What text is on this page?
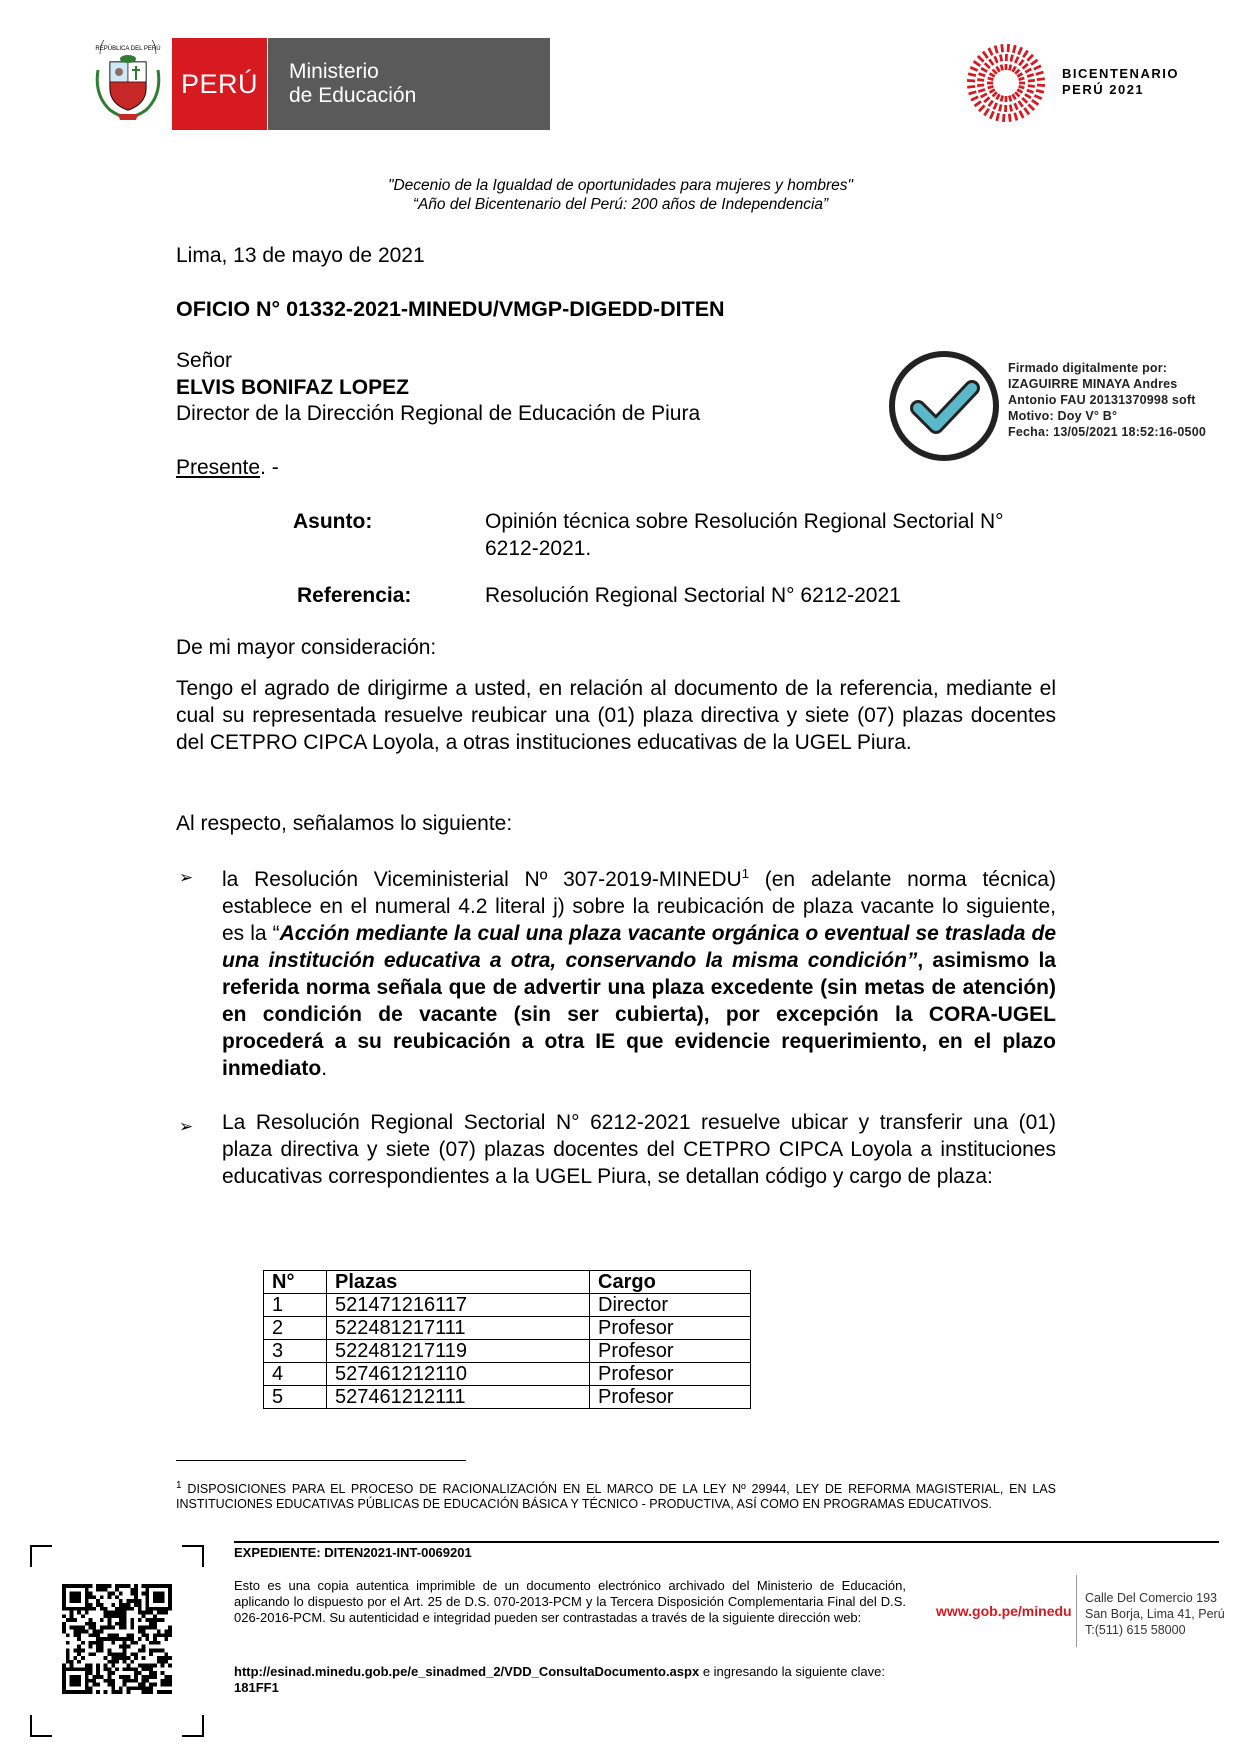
REPÚBLICA DEL PERÚ
PERÚ Ministerio
de Educación
BICENTENARIO
PERÚ 2021
"Decenio de la Igualdad de oportunidades para mujeres y hombres"
“Año del Bicentenario del Perú: 200 años de Independencia”
Lima, 13 de mayo de 2021
OFICIO N° 01332-2021-MINEDU/VMGP-DIGEDD-DITEN
Señor
ELVIS BONIFAZ LOPEZ
Director de la Dirección Regional de Educación de Piura
Presente. -
Asunto:	Opinión técnica sobre Resolución Regional Sectorial N° 6212-2021.
Referencia:	Resolución Regional Sectorial N° 6212-2021
De mi mayor consideración:
Tengo el agrado de dirigirme a usted, en relación al documento de la referencia, mediante el cual su representada resuelve reubicar una (01) plaza directiva y siete (07) plazas docentes del CETPRO CIPCA Loyola, a otras instituciones educativas de la UGEL Piura.
Al respecto, señalamos lo siguiente:
➢ la Resolución Viceministerial Nº 307-2019-MINEDU$^1$ (en adelante norma técnica) establece en el numeral 4.2 literal j) sobre la reubicación de plaza vacante lo siguiente, es la “Acción mediante la cual una plaza vacante orgánica o eventual se traslada de una institución educativa a otra, conservando la misma condición”, asimismo la referida norma señala que de advertir una plaza excedente (sin metas de atención) en condición de vacante (sin ser cubierta), por excepción la CORA-UGEL procederá a su reubicación a otra IE que evidencie requerimiento, en el plazo inmediato.
➢ La Resolución Regional Sectorial N° 6212-2021 resuelve ubicar y transferir una (01) plaza directiva y siete (07) plazas docentes del CETPRO CIPCA Loyola a instituciones educativas correspondientes a la UGEL Piura, se detallan código y cargo de plaza:
N°	Plazas	Cargo
1	521471216117	Director
2	522481217111	Profesor
3	522481217119	Profesor
4	527461212110	Profesor
5	527461212111	Profesor
Firmado digitalmente por:
IZAGUIRRE MINAYA Andres
Antonio FAU 20131370998 soft
Motivo: Doy V° B°
Fecha: 13/05/2021 18:52:16-0500
$^1$ DISPOSICIONES PARA EL PROCESO DE RACIONALIZACIÓN EN EL MARCO DE LA LEY Nº 29944, LEY DE REFORMA MAGISTERIAL, EN LAS INSTITUCIONES EDUCATIVAS PÚBLICAS DE EDUCACIÓN BÁSICA Y TÉCNICO - PRODUCTIVA, ASÍ COMO EN PROGRAMAS EDUCATIVOS.
EXPEDIENTE: DITEN2021-INT-0069201
Esto es una copia autentica imprimible de un documento electrónico archivado del Ministerio de Educación, aplicando lo dispuesto por el Art. 25 de D.S. 070-2013-PCM y la Tercera Disposición Complementaria Final del D.S. 026-2016-PCM. Su autenticidad e integridad pueden ser contrastadas a través de la siguiente dirección web:
http://esinad.minedu.gob.pe/e_sinadmed_2/VDD_ConsultaDocumento.aspx e ingresando la siguiente clave: 181FF1
www.gob.pe/minedu
Calle Del Comercio 193
San Borja, Lima 41, Perú
T:(511) 615 58000
